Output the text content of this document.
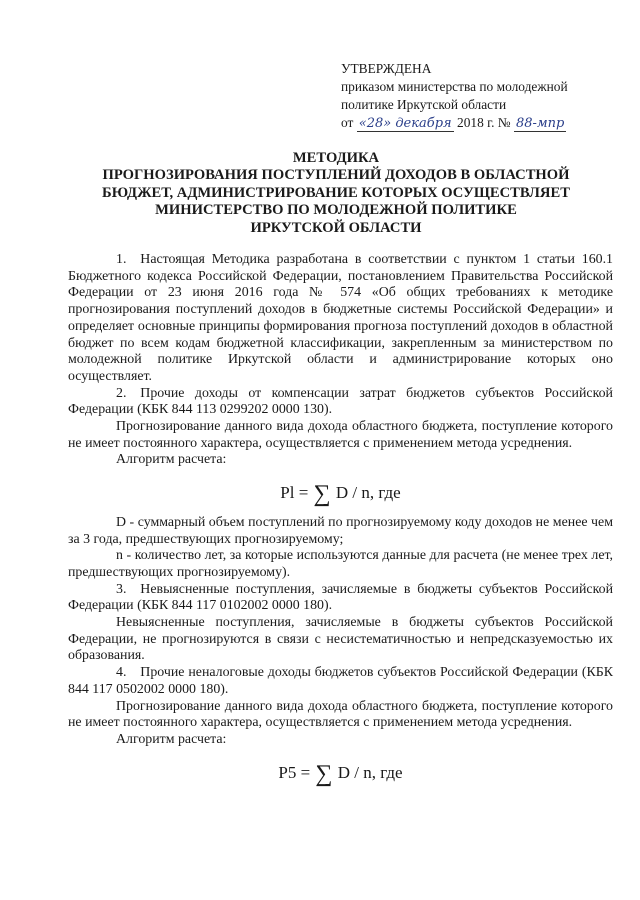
УТВЕРЖДЕНА
приказом министерства по молодежной
политике Иркутской области
от «28» декабря 2018 г. № 88-мпр
МЕТОДИКА
ПРОГНОЗИРОВАНИЯ ПОСТУПЛЕНИЙ ДОХОДОВ В ОБЛАСТНОЙ
БЮДЖЕТ, АДМИНИСТРИРОВАНИЕ КОТОРЫХ ОСУЩЕСТВЛЯЕТ
МИНИСТЕРСТВО ПО МОЛОДЕЖНОЙ ПОЛИТИКЕ
ИРКУТСКОЙ ОБЛАСТИ

1. Настоящая Методика разработана в соответствии с пунктом 1 статьи 160.1 Бюджетного кодекса Российской Федерации, постановлением Правительства Российской Федерации от 23 июня 2016 года № 574 «Об общих требованиях к методике прогнозирования поступлений доходов в бюджетные системы Российской Федерации» и определяет основные принципы формирования прогноза поступлений доходов в областной бюджет по всем кодам бюджетной классификации, закрепленным за министерством по молодежной политике Иркутской области и администрирование которых оно осуществляет.

2. Прочие доходы от компенсации затрат бюджетов субъектов Российской Федерации (КБК 844 113 0299202 0000 130).

Прогнозирование данного вида дохода областного бюджета, поступление которого не имеет постоянного характера, осуществляется с применением метода усреднения.

Алгоритм расчета:

Pl = ∑ D / n, где

D - суммарный объем поступлений по прогнозируемому коду доходов не менее чем за 3 года, предшествующих прогнозируемому;

n - количество лет, за которые используются данные для расчета (не менее трех лет, предшествующих прогнозируемому).

3. Невыясненные поступления, зачисляемые в бюджеты субъектов Российской Федерации (КБК 844 117 0102002 0000 180).

Невыясненные поступления, зачисляемые в бюджеты субъектов Российской Федерации, не прогнозируются в связи с несистематичностью и непредсказуемостью их образования.

4. Прочие неналоговые доходы бюджетов субъектов Российской Федерации (КБК 844 117 0502002 0000 180).

Прогнозирование данного вида дохода областного бюджета, поступление которого не имеет постоянного характера, осуществляется с применением метода усреднения.

Алгоритм расчета:

P5 = ∑ D / n, где
